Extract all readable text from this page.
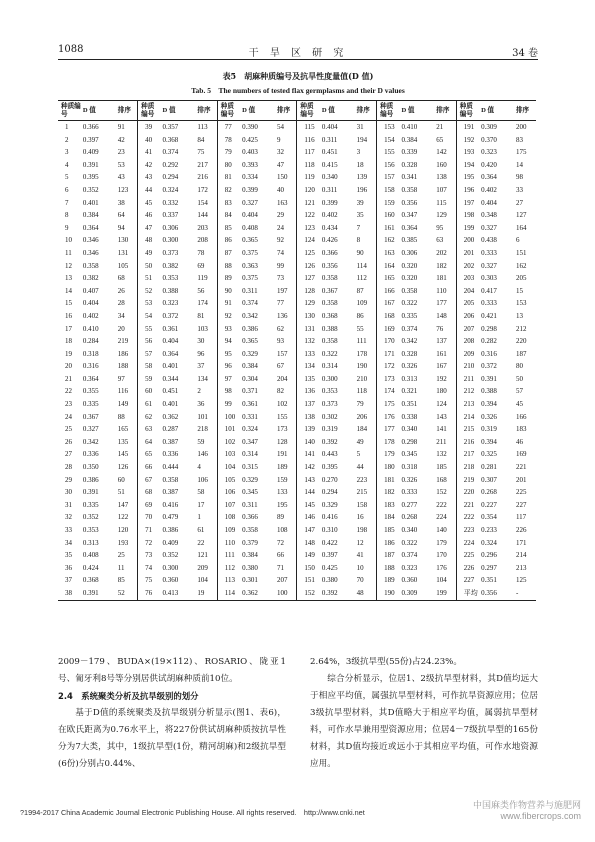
1088	干 旱 区 研 究	34 卷
表5　胡麻种质编号及抗旱性度量值(D 值)
Tab. 5　The numbers of tested flax germplasms and their D values
种质编号	D 值	排序	种质编号	D 值	排序	种质编号	D 值	排序	种质编号	D 值	排序	种质编号	D 值	排序	种质编号	D 值	排序
1	0.366	91	39	0.357	113	77	0.390	54	115	0.404	31	153	0.410	21	191	0.309	200
2	0.397	42	40	0.368	84	78	0.425	9	116	0.311	194	154	0.384	65	192	0.370	83
3	0.409	23	41	0.374	75	79	0.403	32	117	0.451	3	155	0.339	142	193	0.323	175
4	0.391	53	42	0.292	217	80	0.393	47	118	0.415	18	156	0.328	160	194	0.420	14
5	0.395	43	43	0.294	216	81	0.334	150	119	0.340	139	157	0.341	138	195	0.364	98
6	0.352	123	44	0.324	172	82	0.399	40	120	0.311	196	158	0.358	107	196	0.402	33
7	0.401	38	45	0.332	154	83	0.327	163	121	0.399	39	159	0.356	115	197	0.404	27
8	0.384	64	46	0.337	144	84	0.404	29	122	0.402	35	160	0.347	129	198	0.348	127
9	0.364	94	47	0.306	203	85	0.408	24	123	0.434	7	161	0.364	95	199	0.327	164
10	0.346	130	48	0.300	208	86	0.365	92	124	0.426	8	162	0.385	63	200	0.438	6
11	0.346	131	49	0.373	78	87	0.375	74	125	0.366	90	163	0.306	202	201	0.333	151
12	0.358	105	50	0.382	69	88	0.363	99	126	0.356	114	164	0.320	182	202	0.327	162
13	0.382	68	51	0.353	119	89	0.375	73	127	0.358	112	165	0.320	181	203	0.303	205
14	0.407	26	52	0.388	56	90	0.311	197	128	0.367	87	166	0.358	110	204	0.417	15
15	0.404	28	53	0.323	174	91	0.374	77	129	0.358	109	167	0.322	177	205	0.333	153
16	0.402	34	54	0.372	81	92	0.342	136	130	0.368	86	168	0.335	148	206	0.421	13
17	0.410	20	55	0.361	103	93	0.386	62	131	0.388	55	169	0.374	76	207	0.298	212
18	0.284	219	56	0.404	30	94	0.365	93	132	0.358	111	170	0.342	137	208	0.282	220
19	0.318	186	57	0.364	96	95	0.329	157	133	0.322	178	171	0.328	161	209	0.316	187
20	0.316	188	58	0.401	37	96	0.384	67	134	0.314	190	172	0.326	167	210	0.372	80
21	0.364	97	59	0.344	134	97	0.304	204	135	0.300	210	173	0.313	192	211	0.391	50
22	0.355	116	60	0.451	2	98	0.371	82	136	0.353	118	174	0.321	180	212	0.388	57
23	0.335	149	61	0.401	36	99	0.361	102	137	0.373	79	175	0.351	124	213	0.394	45
24	0.367	88	62	0.362	101	100	0.331	155	138	0.302	206	176	0.338	143	214	0.326	166
25	0.327	165	63	0.287	218	101	0.324	173	139	0.319	184	177	0.340	141	215	0.319	183
26	0.342	135	64	0.387	59	102	0.347	128	140	0.392	49	178	0.298	211	216	0.394	46
27	0.336	145	65	0.336	146	103	0.314	191	141	0.443	5	179	0.345	132	217	0.325	169
28	0.350	126	66	0.444	4	104	0.315	189	142	0.395	44	180	0.318	185	218	0.281	221
29	0.386	60	67	0.358	106	105	0.329	159	143	0.270	223	181	0.326	168	219	0.307	201
30	0.391	51	68	0.387	58	106	0.345	133	144	0.294	215	182	0.333	152	220	0.268	225
31	0.335	147	69	0.416	17	107	0.311	195	145	0.329	158	183	0.277	222	221	0.227	227
32	0.352	122	70	0.479	1	108	0.366	89	146	0.416	16	184	0.268	224	222	0.354	117
33	0.353	120	71	0.386	61	109	0.358	108	147	0.310	198	185	0.340	140	223	0.233	226
34	0.313	193	72	0.409	22	110	0.379	72	148	0.422	12	186	0.322	179	224	0.324	171
35	0.408	25	73	0.352	121	111	0.384	66	149	0.397	41	187	0.374	170	225	0.296	214
36	0.424	11	74	0.300	209	112	0.380	71	150	0.425	10	188	0.323	176	226	0.297	213
37	0.368	85	75	0.360	104	113	0.301	207	151	0.380	70	189	0.360	104	227	0.351	125
38	0.391	52	76	0.413	19	114	0.362	100	152	0.392	48	190	0.309	199	平均	0.356	-

2009－179、BUDA×(19×112)、ROSARIO、陇亚1号、匍牙利8号等分别居供试胡麻种质前10位。

2.4　系统聚类分析及抗旱级别的划分

基于D值的系统聚类及抗旱级别分析显示(图1、表6)，在欧氏距离为0.76水平上，将227份供试胡麻种质按抗旱性分为7大类，其中，1级抗旱型(1份，精河胡麻)和2级抗旱型(6份)分别占0.44%、

2.64%，3级抗旱型(55份)占24.23%。

综合分析显示，位居1、2级抗旱型材料，其D值均远大于相应平均值，属强抗旱型材料，可作抗旱资源应用；位居3级抗旱型材料，其D值略大于相应平均值，属弱抗旱型材料，可作水旱兼用型资源应用；位居4－7级抗旱型的165份材料，其D值均接近或远小于其相应平均值，可作水地资源应用。

?1994-2017 China Academic Journal Electronic Publishing House. All rights reserved.　http://www.cnki.net
中国麻类作物营养与施肥网
www.fibercrops.com
